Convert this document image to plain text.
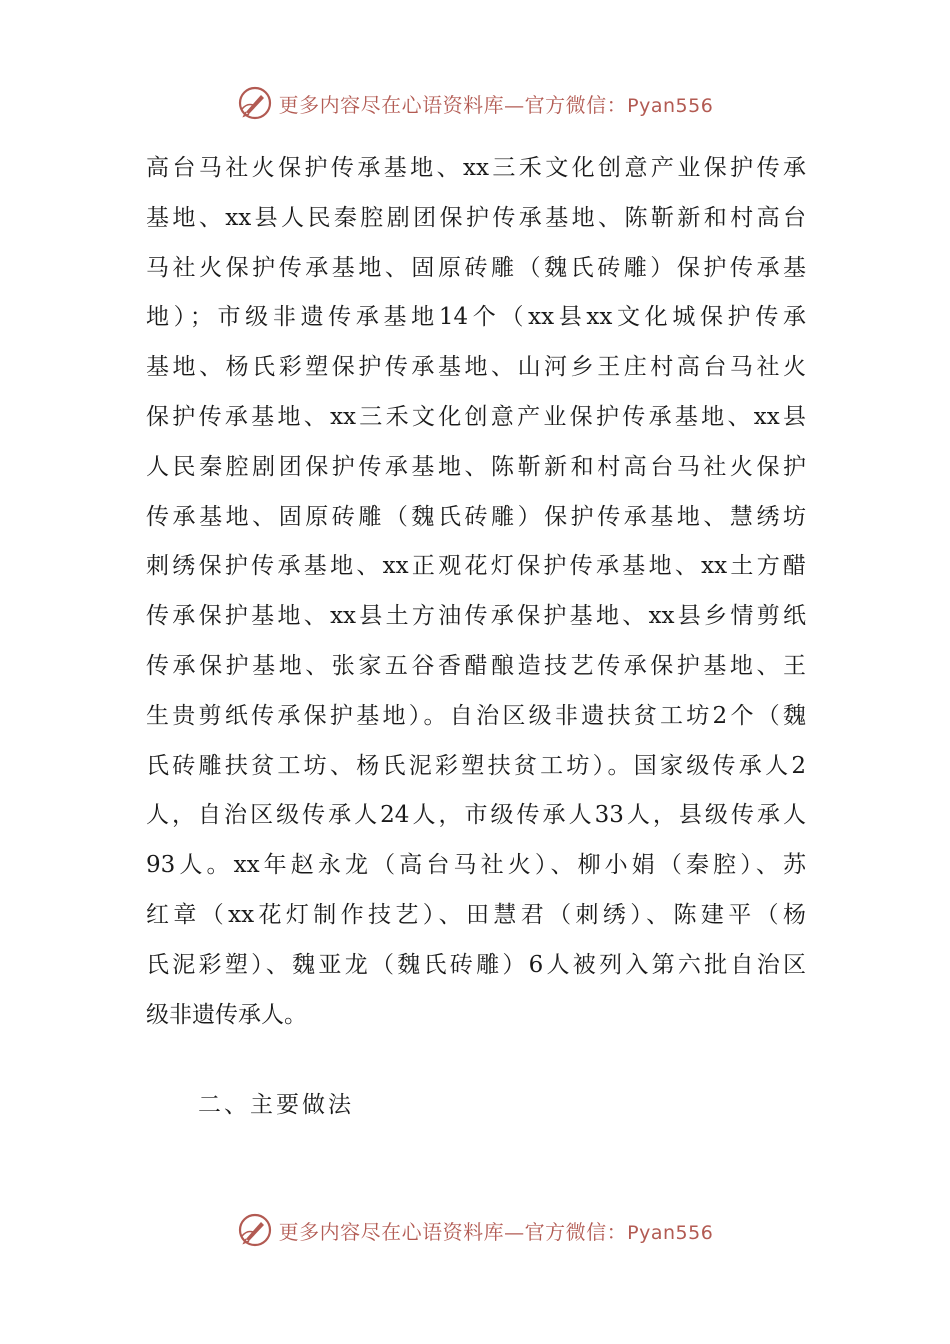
更多内容尽在心语资料库—官方微信：Pyan556
高台马社火保护传承基地、xx三禾文化创意产业保护传承
基地、xx县人民秦腔剧团保护传承基地、陈靳新和村高台
马社火保护传承基地、固原砖雕（魏氏砖雕）保护传承基
地）；市级非遗传承基地14个（xx县xx文化城保护传承
基地、杨氏彩塑保护传承基地、山河乡王庄村高台马社火
保护传承基地、xx三禾文化创意产业保护传承基地、xx县
人民秦腔剧团保护传承基地、陈靳新和村高台马社火保护
传承基地、固原砖雕（魏氏砖雕）保护传承基地、慧绣坊
刺绣保护传承基地、xx正观花灯保护传承基地、xx土方醋
传承保护基地、xx县土方油传承保护基地、xx县乡情剪纸
传承保护基地、张家五谷香醋酿造技艺传承保护基地、王
生贵剪纸传承保护基地）。自治区级非遗扶贫工坊2个（魏
氏砖雕扶贫工坊、杨氏泥彩塑扶贫工坊）。国家级传承人2
人，自治区级传承人24人，市级传承人33人，县级传承人
93人。xx年赵永龙（高台马社火）、柳小娟（秦腔）、苏
红章（xx花灯制作技艺）、田慧君（刺绣）、陈建平（杨
氏泥彩塑）、魏亚龙（魏氏砖雕）6人被列入第六批自治区
级非遗传承人。
二、主要做法
更多内容尽在心语资料库—官方微信：Pyan556
